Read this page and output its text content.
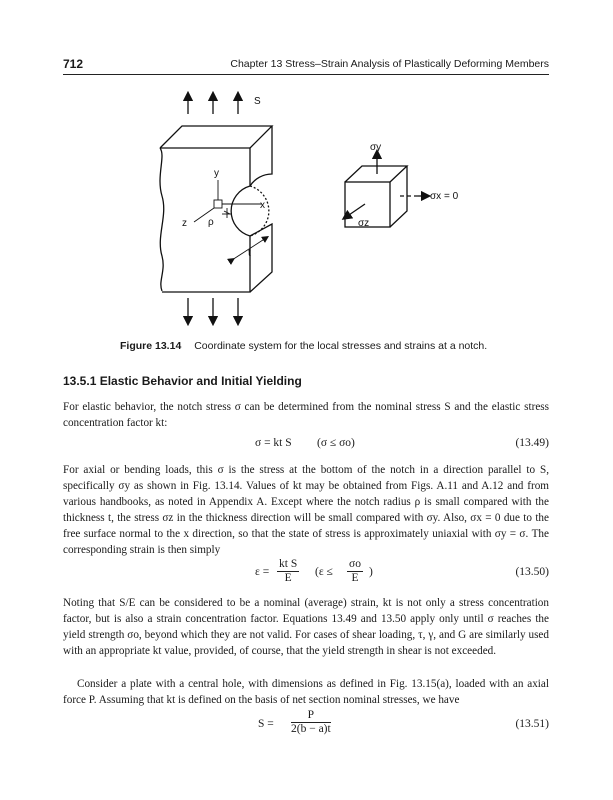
712	Chapter 13 Stress–Strain Analysis of Plastically Deforming Members
S
y
x
z ρ
t
σy
σx = 0
σz
Figure 13.14 Coordinate system for the local stresses and strains at a notch.
13.5.1 Elastic Behavior and Initial Yielding
For elastic behavior, the notch stress σ can be determined from the nominal stress S and the elastic stress concentration factor kt:
σ = kt S (σ ≤ σo)	(13.49)
For axial or bending loads, this σ is the stress at the bottom of the notch in a direction parallel to S, specifically σy as shown in Fig. 13.14. Values of kt may be obtained from Figs. A.11 and A.12 and from various handbooks, as noted in Appendix A. Except where the notch radius ρ is small compared with the thickness t, the stress σz in the thickness direction will be small compared with σy. Also, σx = 0 due to the free surface normal to the x direction, so that the state of stress is approximately uniaxial with σy = σ. The corresponding strain is then simply
$\varepsilon = \frac{\text{kt S}}{E} (\varepsilon \le \frac{\sigma o}{E}$ )	(13.50)
Noting that S/E can be considered to be a nominal (average) strain, kt is not only a stress concentration factor, but is also a strain concentration factor. Equations 13.49 and 13.50 apply only until σ reaches the yield strength σo, beyond which they are not valid. For cases of shear loading, τ, γ, and G are similarly used with an appropriate kt value, provided, of course, that the yield strength in shear is not exceeded.
Consider a plate with a central hole, with dimensions as defined in Fig. 13.15(a), loaded with an axial force P. Assuming that kt is defined on the basis of net section nominal stresses, we have
$S = \frac{P}{2(b - a)t}$	(13.51)
